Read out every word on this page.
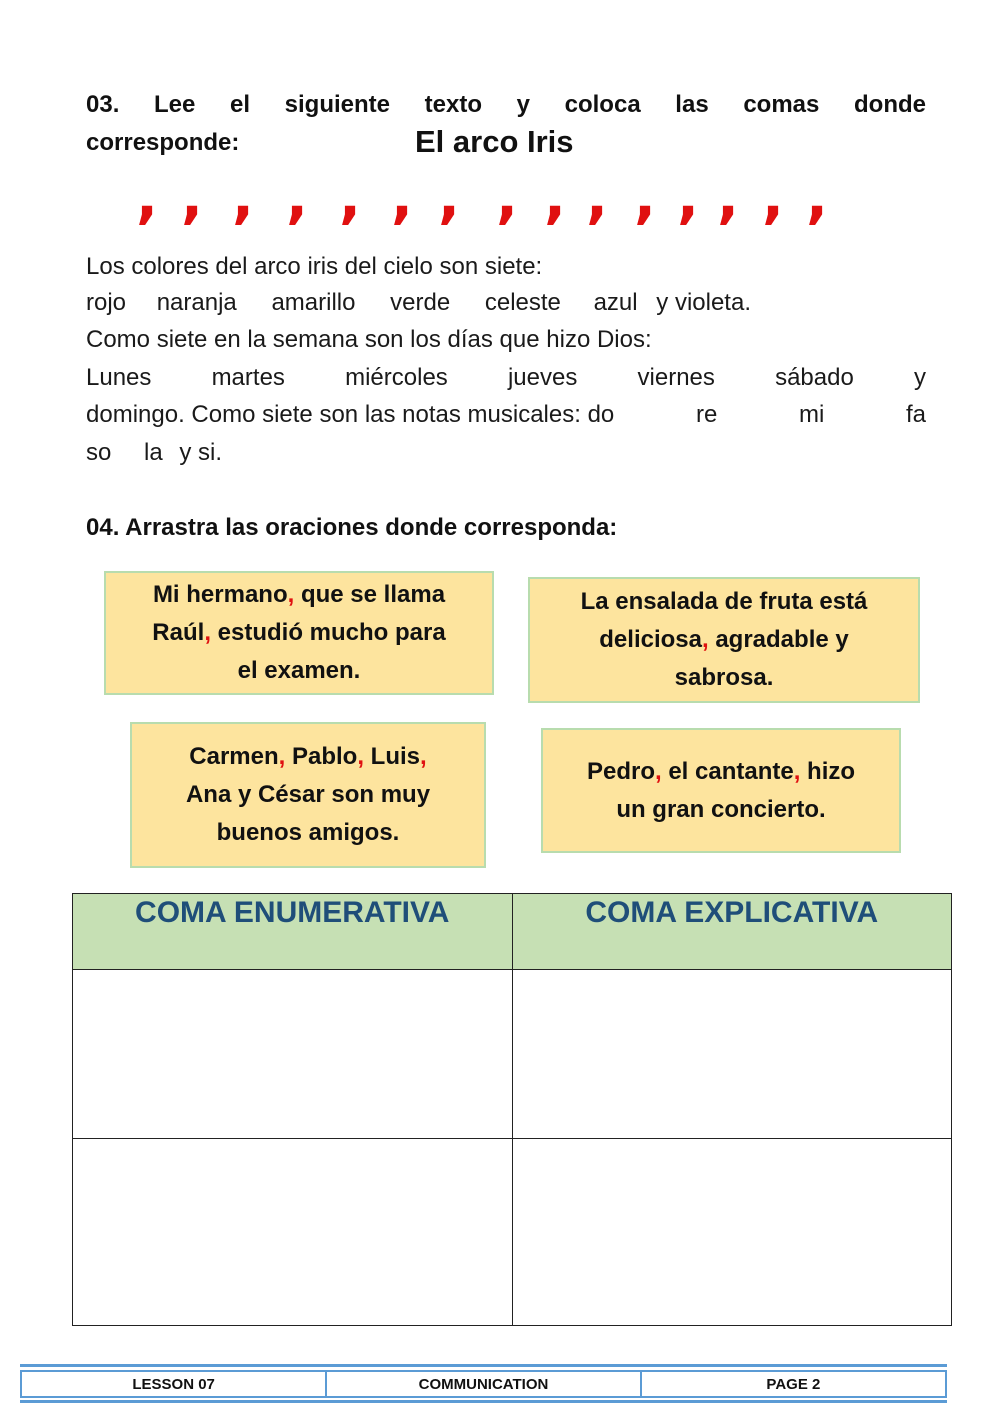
03. Lee el siguiente texto y coloca las comas donde
corresponde:	El arco Iris
, , , , , , , , , , , , , , ,
Los colores del arco iris del cielo son siete:
rojo naranja amarillo verde celeste azul y violeta.
Como siete en la semana son los días que hizo Dios:
Lunes	martes	miércoles	jueves	viernes	sábado	y
domingo. Como siete son las notas musicales: do	re	mi	fa
so la y si.
04. Arrastra las oraciones donde corresponda:
Mi hermano, que se llama
Raúl, estudió mucho para
el examen.
La ensalada de fruta está
deliciosa, agradable y
sabrosa.
Carmen, Pablo, Luis,
Ana y César son muy
buenos amigos.
Pedro, el cantante, hizo
un gran concierto.
COMA ENUMERATIVA	COMA EXPLICATIVA

LESSON 07	COMMUNICATION	PAGE 2
